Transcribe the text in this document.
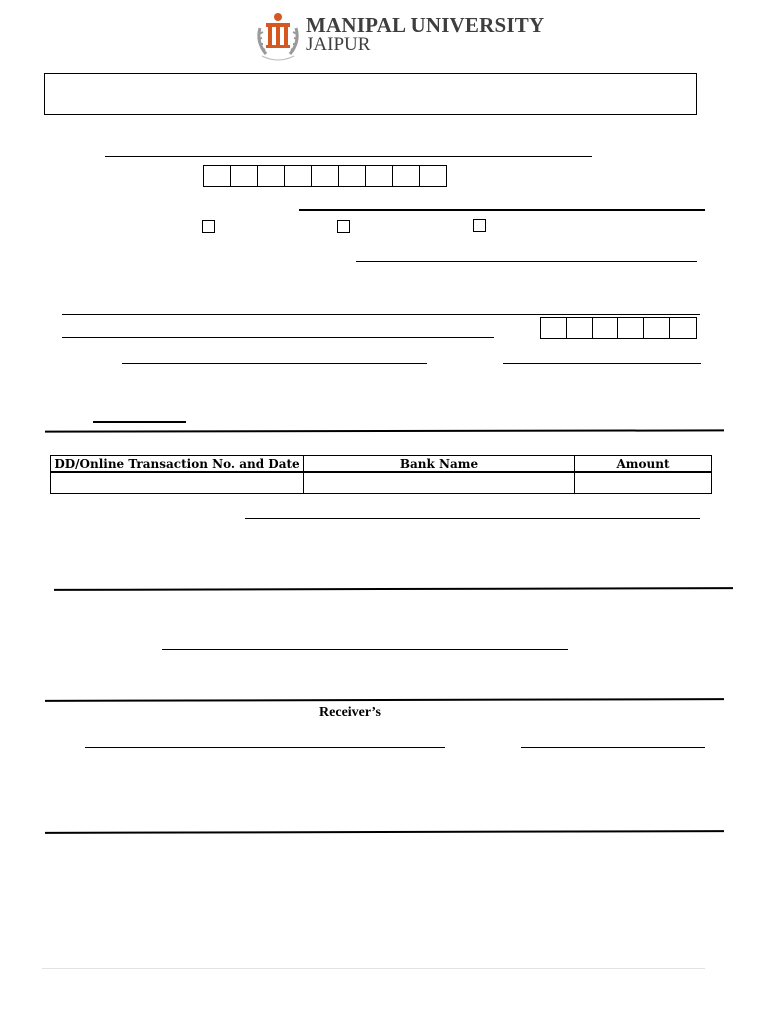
MANIPAL UNIVERSITY
JAIPUR
DD/Online Transaction No. and Date	Bank Name	Amount

Receiver’s
